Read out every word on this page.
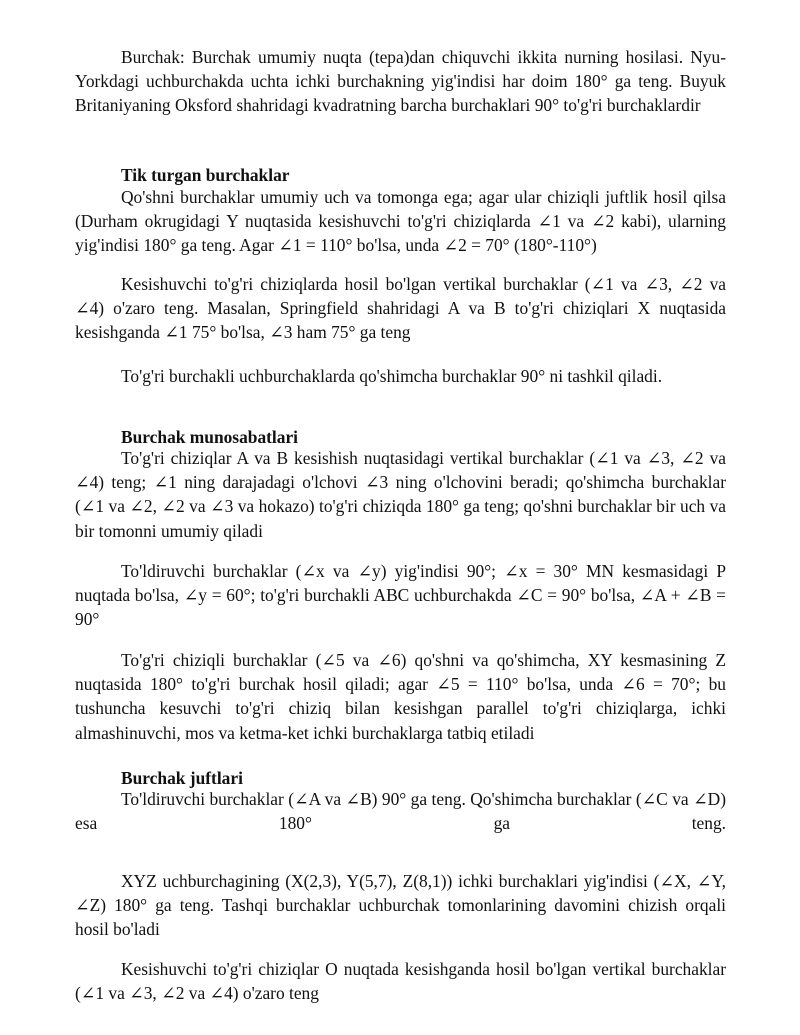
Burchak: Burchak umumiy nuqta (tepa)dan chiquvchi ikkita nurning hosilasi. Nyu-Yorkdagi uchburchakda uchta ichki burchakning yig'indisi har doim 180° ga teng. Buyuk Britaniyaning Oksford shahridagi kvadratning barcha burchaklari 90° to'g'ri burchaklardir

Tik turgan burchaklar

Qo'shni burchaklar umumiy uch va tomonga ega; agar ular chiziqli juftlik hosil qilsa (Durham okrugidagi Y nuqtasida kesishuvchi to'g'ri chiziqlarda ∠1 va ∠2 kabi), ularning yig'indisi 180° ga teng. Agar ∠1 = 110° bo'lsa, unda ∠2 = 70° (180°-110°)

Kesishuvchi to'g'ri chiziqlarda hosil bo'lgan vertikal burchaklar (∠1 va ∠3, ∠2 va ∠4) o'zaro teng. Masalan, Springfield shahridagi A va B to'g'ri chiziqlari X nuqtasida kesishganda ∠1 75° bo'lsa, ∠3 ham 75° ga teng

To'g'ri burchakli uchburchaklarda qo'shimcha burchaklar 90° ni tashkil qiladi.

Burchak munosabatlari

To'g'ri chiziqlar A va B kesishish nuqtasidagi vertikal burchaklar (∠1 va ∠3, ∠2 va ∠4) teng; ∠1 ning darajadagi o'lchovi ∠3 ning o'lchovini beradi; qo'shimcha burchaklar (∠1 va ∠2, ∠2 va ∠3 va hokazo) to'g'ri chiziqda 180° ga teng; qo'shni burchaklar bir uch va bir tomonni umumiy qiladi

To'ldiruvchi burchaklar (∠x va ∠y) yig'indisi 90°; ∠x = 30° MN kesmasidagi P nuqtada bo'lsa, ∠y = 60°; to'g'ri burchakli ABC uchburchakda ∠C = 90° bo'lsa, ∠A + ∠B = 90°

To'g'ri chiziqli burchaklar (∠5 va ∠6) qo'shni va qo'shimcha, XY kesmasining Z nuqtasida 180° to'g'ri burchak hosil qiladi; agar ∠5 = 110° bo'lsa, unda ∠6 = 70°; bu tushuncha kesuvchi to'g'ri chiziq bilan kesishgan parallel to'g'ri chiziqlarga, ichki almashinuvchi, mos va ketma-ket ichki burchaklarga tatbiq etiladi

Burchak juftlari

To'ldiruvchi burchaklar (∠A va ∠B) 90° ga teng. Qo'shimcha burchaklar (∠C va ∠D) esa 180° ga teng.

XYZ uchburchagining (X(2,3), Y(5,7), Z(8,1)) ichki burchaklari yig'indisi (∠X, ∠Y, ∠Z) 180° ga teng. Tashqi burchaklar uchburchak tomonlarining davomini chizish orqali hosil bo'ladi

Kesishuvchi to'g'ri chiziqlar O nuqtada kesishganda hosil bo'lgan vertikal burchaklar (∠1 va ∠3, ∠2 va ∠4) o'zaro teng
